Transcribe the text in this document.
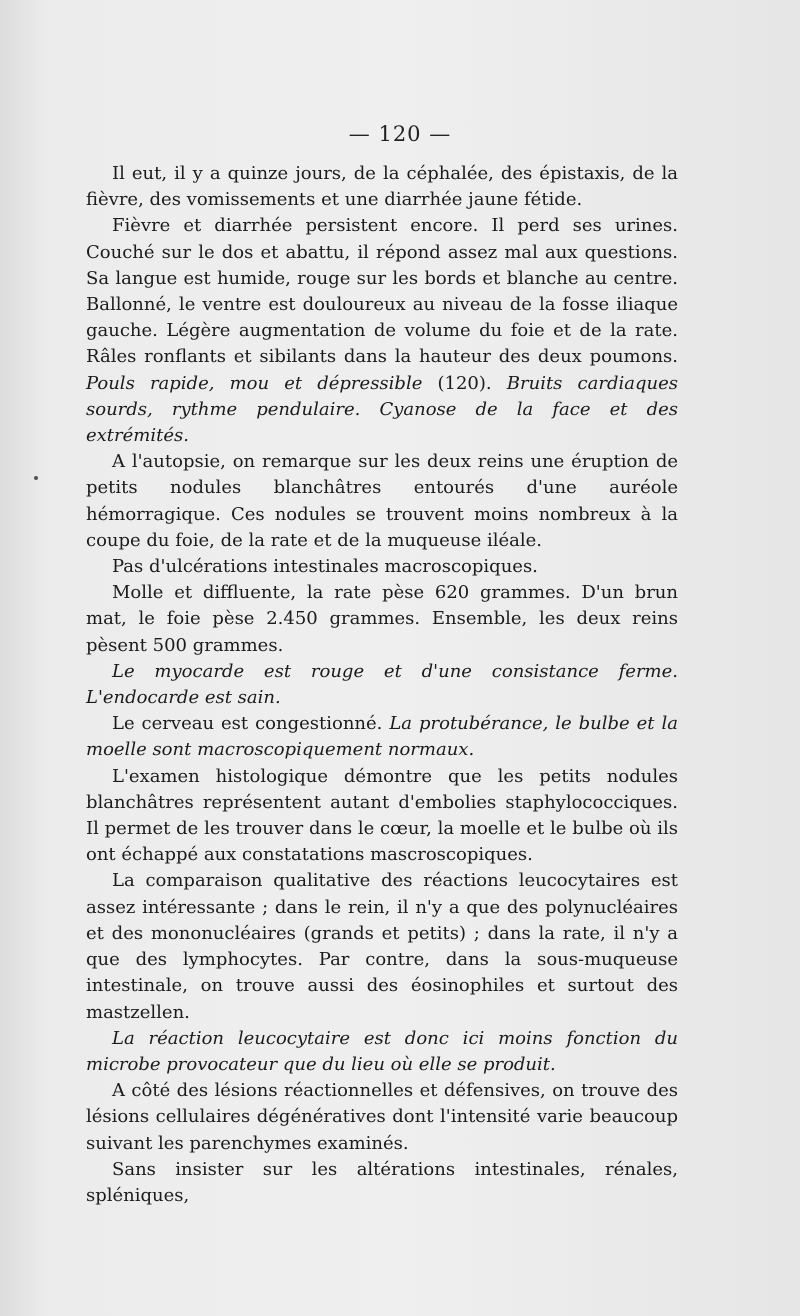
— 120 —

Il eut, il y a quinze jours, de la céphalée, des épistaxis, de la fièvre, des vomissements et une diarrhée jaune fétide.

Fièvre et diarrhée persistent encore. Il perd ses urines. Couché sur le dos et abattu, il répond assez mal aux questions. Sa langue est humide, rouge sur les bords et blanche au centre. Ballonné, le ventre est douloureux au niveau de la fosse iliaque gauche. Légère augmentation de volume du foie et de la rate. Râles ronflants et sibilants dans la hauteur des deux poumons. Pouls rapide, mou et dépressible (120). Bruits cardiaques sourds, rythme pendulaire. Cyanose de la face et des extrémités.

A l'autopsie, on remarque sur les deux reins une éruption de petits nodules blanchâtres entourés d'une auréole hémorragique. Ces nodules se trouvent moins nombreux à la coupe du foie, de la rate et de la muqueuse iléale.

Pas d'ulcérations intestinales macroscopiques.

Molle et diffluente, la rate pèse 620 grammes. D'un brun mat, le foie pèse 2.450 grammes. Ensemble, les deux reins pèsent 500 grammes.

Le myocarde est rouge et d'une consistance ferme. L'endocarde est sain.

Le cerveau est congestionné. La protubérance, le bulbe et la moelle sont macroscopiquement normaux.

L'examen histologique démontre que les petits nodules blanchâtres représentent autant d'embolies staphylococciques. Il permet de les trouver dans le cœur, la moelle et le bulbe où ils ont échappé aux constatations mascroscopiques.

La comparaison qualitative des réactions leucocytaires est assez intéressante ; dans le rein, il n'y a que des polynucléaires et des mononucléaires (grands et petits) ; dans la rate, il n'y a que des lymphocytes. Par contre, dans la sous-muqueuse intestinale, on trouve aussi des éosinophiles et surtout des mastzellen.

La réaction leucocytaire est donc ici moins fonction du microbe provocateur que du lieu où elle se produit.

A côté des lésions réactionnelles et défensives, on trouve des lésions cellulaires dégénératives dont l'intensité varie beaucoup suivant les parenchymes examinés.

Sans insister sur les altérations intestinales, rénales, spléniques,
